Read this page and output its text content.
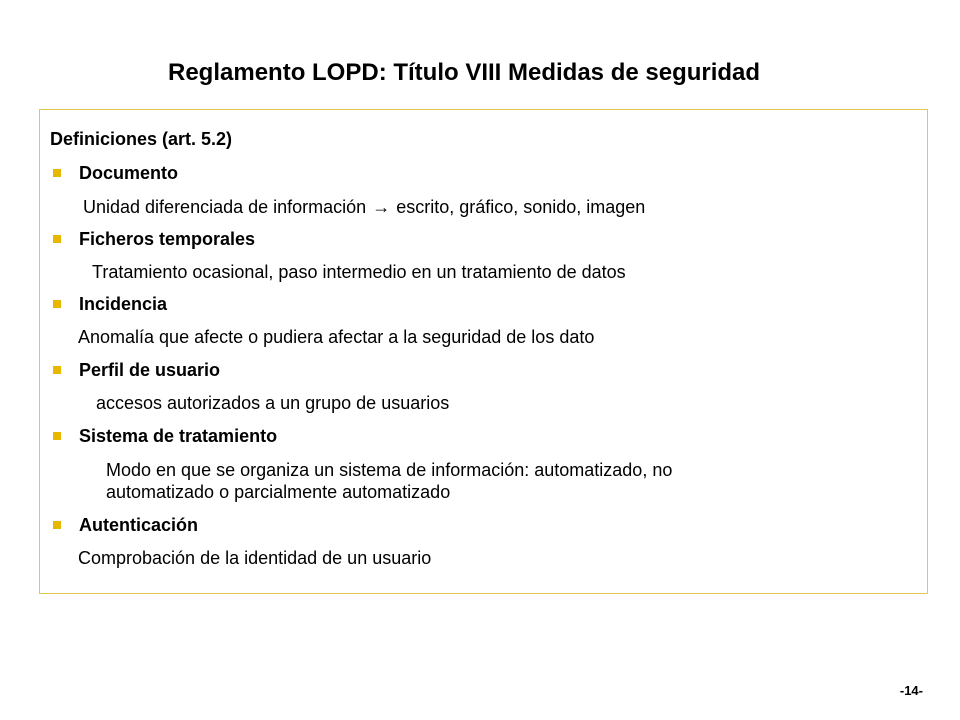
Reglamento LOPD: Título VIII Medidas de seguridad
Definiciones (art. 5.2)
Documento
Unidad diferenciada de información → escrito, gráfico, sonido, imagen
Ficheros temporales
Tratamiento ocasional, paso intermedio en un tratamiento de datos
Incidencia
Anomalía que afecte o pudiera afectar a la seguridad de los dato
Perfil de usuario
accesos autorizados a un grupo de usuarios
Sistema de tratamiento
Modo en que se organiza un sistema de información: automatizado, no
automatizado o parcialmente automatizado
Autenticación
Comprobación de la identidad de un usuario
-14-
